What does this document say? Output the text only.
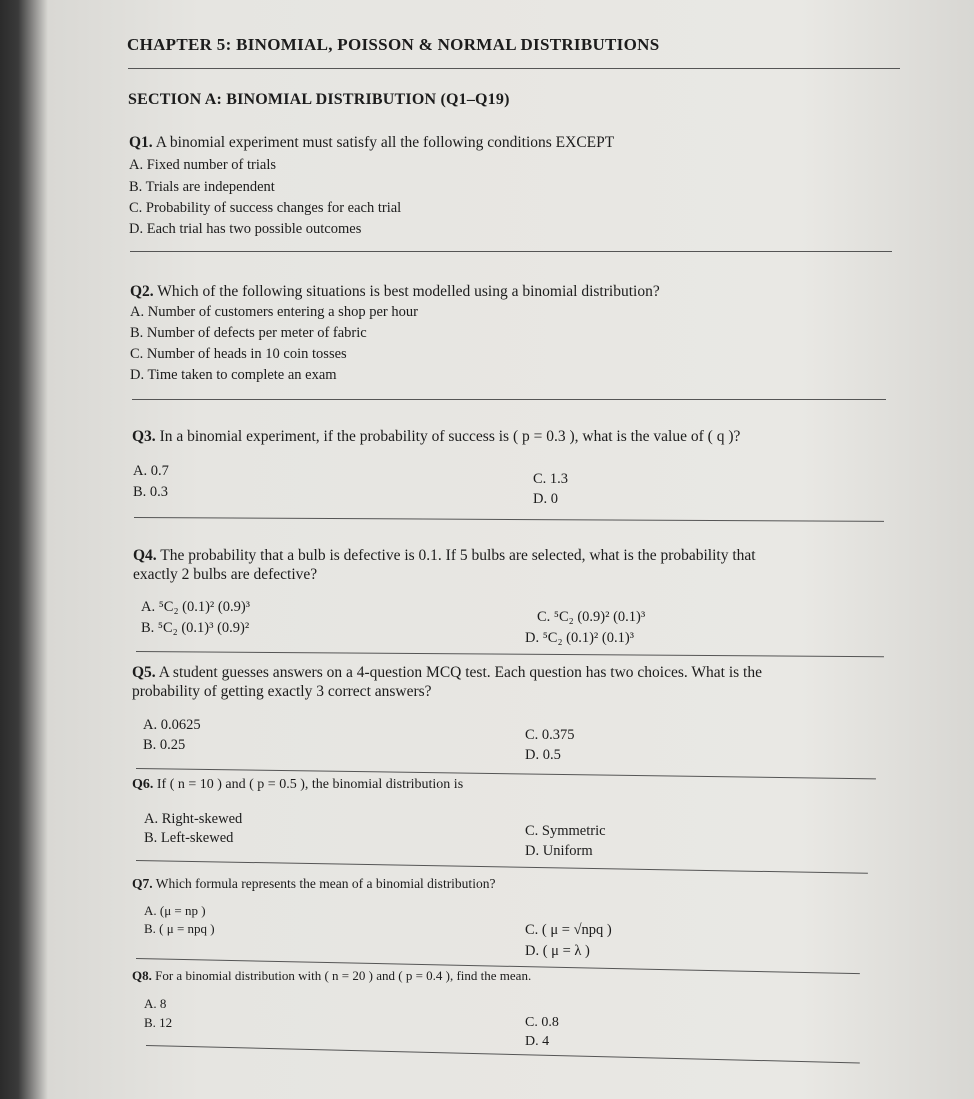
CHAPTER 5: BINOMIAL, POISSON & NORMAL DISTRIBUTIONS
SECTION A: BINOMIAL DISTRIBUTION (Q1–Q19)
Q1. A binomial experiment must satisfy all the following conditions EXCEPT
A. Fixed number of trials
B. Trials are independent
C. Probability of success changes for each trial
D. Each trial has two possible outcomes
Q2. Which of the following situations is best modelled using a binomial distribution?
A. Number of customers entering a shop per hour
B. Number of defects per meter of fabric
C. Number of heads in 10 coin tosses
D. Time taken to complete an exam
Q3. In a binomial experiment, if the probability of success is ( p = 0.3 ), what is the value of ( q )?
A. 0.7
B. 0.3
C. 1.3
D. 0
Q4. The probability that a bulb is defective is 0.1. If 5 bulbs are selected, what is the probability that
exactly 2 bulbs are defective?
A. ⁵C₂ (0.1)² (0.9)³
B. ⁵C₂ (0.1)³ (0.9)²
C. ⁵C₂ (0.9)² (0.1)³
D. ⁵C₂ (0.1)² (0.1)³
Q5. A student guesses answers on a 4-question MCQ test. Each question has two choices. What is the
probability of getting exactly 3 correct answers?
A. 0.0625
B. 0.25
C. 0.375
D. 0.5
Q6. If ( n = 10 ) and ( p = 0.5 ), the binomial distribution is
A. Right-skewed
B. Left-skewed	C. Symmetric
D. Uniform
Q7. Which formula represents the mean of a binomial distribution?
A. (μ = np )
B. ( μ = npq )	C. ( μ = √npq )
D. ( μ = λ )
Q8. For a binomial distribution with ( n = 20 ) and ( p = 0.4 ), find the mean.
A. 8
B. 12	C. 0.8
D. 4
